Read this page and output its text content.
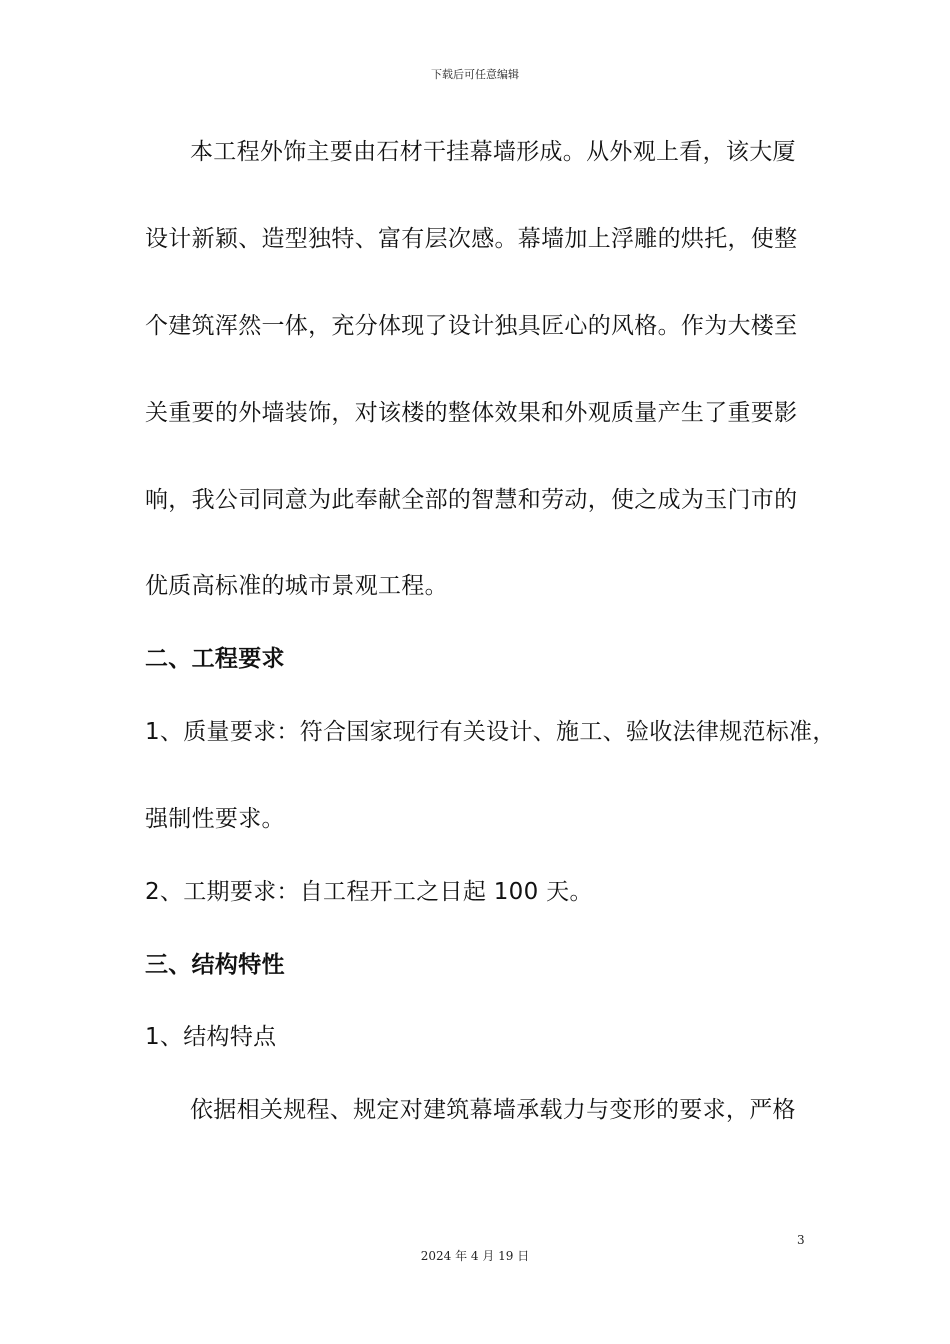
下载后可任意编辑
本工程外饰主要由石材干挂幕墙形成。从外观上看，该大厦
设计新颖、造型独特、富有层次感。幕墙加上浮雕的烘托，使整
个建筑浑然一体，充分体现了设计独具匠心的风格。作为大楼至
关重要的外墙装饰，对该楼的整体效果和外观质量产生了重要影
响，我公司同意为此奉献全部的智慧和劳动，使之成为玉门市的
优质高标准的城市景观工程。
二、工程要求
1、质量要求：符合国家现行有关设计、施工、验收法律规范标准，
强制性要求。
2、工期要求：自工程开工之日起 100 天。
三、结构特性
1、结构特点
依据相关规程、规定对建筑幕墙承载力与变形的要求，严格
3
2024 年 4 月 19 日
